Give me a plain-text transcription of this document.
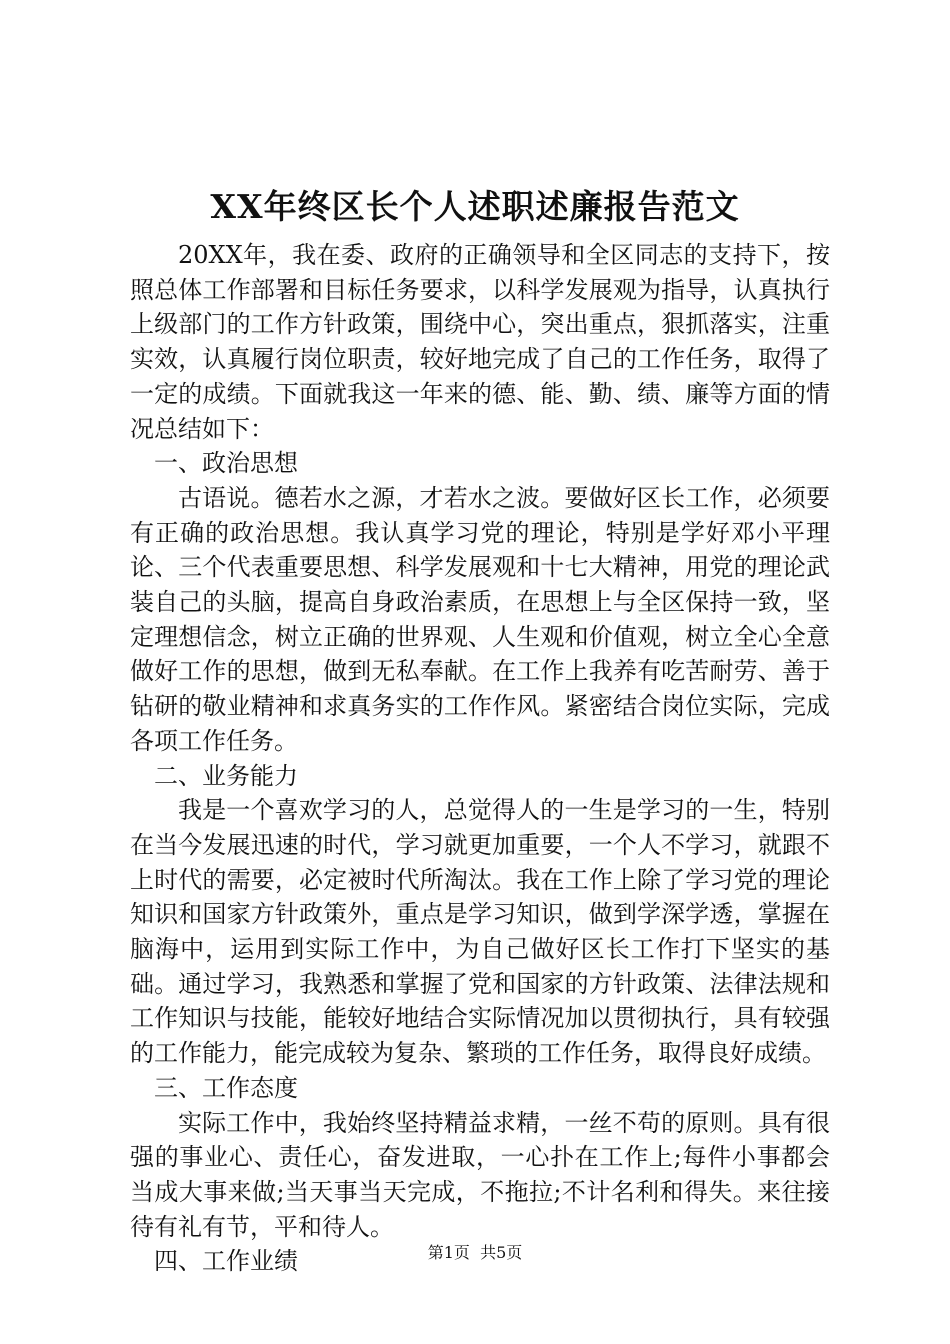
XX年终区长个人述职述廉报告范文

20XX年，我在委、政府的正确领导和全区同志的支持下，按照总体工作部署和目标任务要求，以科学发展观为指导，认真执行上级部门的工作方针政策，围绕中心，突出重点，狠抓落实，注重实效，认真履行岗位职责，较好地完成了自己的工作任务，取得了一定的成绩。下面就我这一年来的德、能、勤、绩、廉等方面的情况总结如下：

一、政治思想

古语说。德若水之源，才若水之波。要做好区长工作，必须要有正确的政治思想。我认真学习党的理论，特别是学好邓小平理论、三个代表重要思想、科学发展观和十七大精神，用党的理论武装自己的头脑，提高自身政治素质，在思想上与全区保持一致，坚定理想信念，树立正确的世界观、人生观和价值观，树立全心全意做好工作的思想，做到无私奉献。在工作上我养有吃苦耐劳、善于钻研的敬业精神和求真务实的工作作风。紧密结合岗位实际，完成各项工作任务。

二、业务能力

我是一个喜欢学习的人，总觉得人的一生是学习的一生，特别在当今发展迅速的时代，学习就更加重要，一个人不学习，就跟不上时代的需要，必定被时代所淘汰。我在工作上除了学习党的理论知识和国家方针政策外，重点是学习知识，做到学深学透，掌握在脑海中，运用到实际工作中，为自己做好区长工作打下坚实的基础。通过学习，我熟悉和掌握了党和国家的方针政策、法律法规和工作知识与技能，能较好地结合实际情况加以贯彻执行，具有较强的工作能力，能完成较为复杂、繁琐的工作任务，取得良好成绩。

三、工作态度

实际工作中，我始终坚持精益求精，一丝不苟的原则。具有很强的事业心、责任心，奋发进取，一心扑在工作上;每件小事都会当成大事来做;当天事当天完成，不拖拉;不计名利和得失。来往接待有礼有节，平和待人。

四、工作业绩	第1页  共5页
